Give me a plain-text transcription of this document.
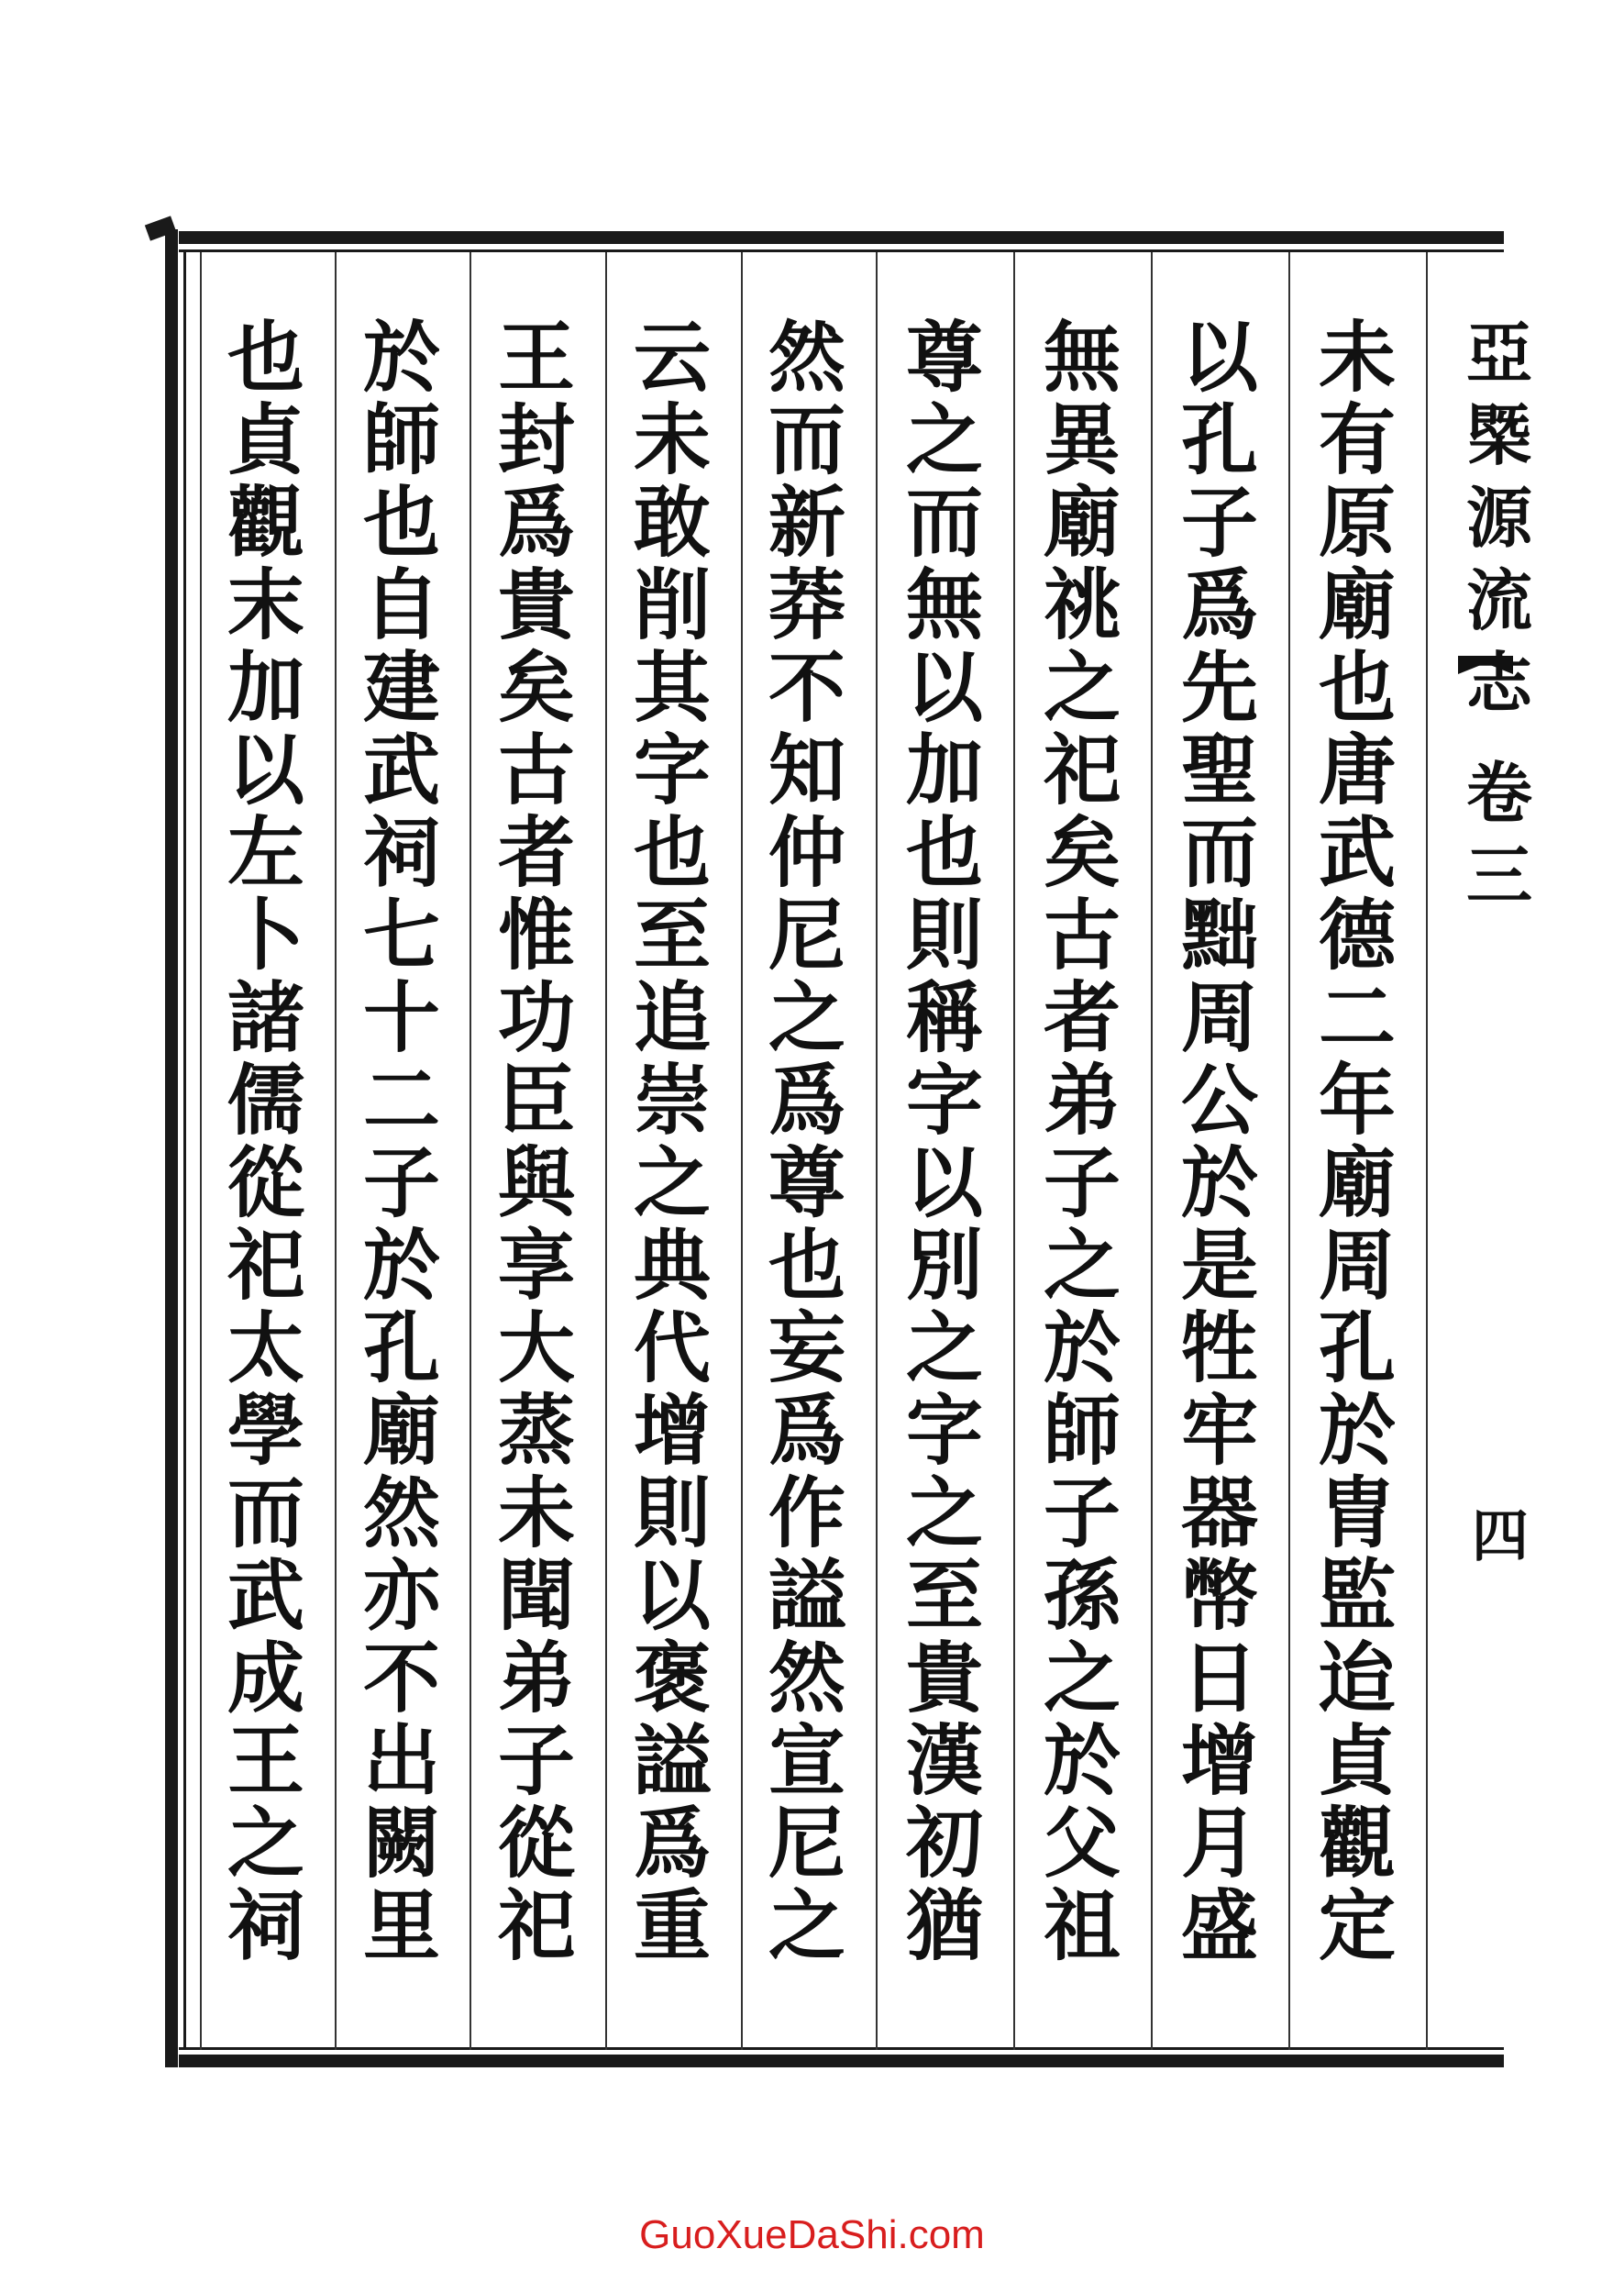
亞
㮣
源
流
志
卷
三
四
未
有
原
廟
也
唐
武
德
二
年
廟
周
孔
於
胄
監
迨
貞
觀
定
以
孔
子
爲
先
聖
而
黜
周
公
於
是
牲
牢
器
幣
日
增
月
盛
無
異
廟
祧
之
祀
矣
古
者
弟
子
之
於
師
子
孫
之
於
父
祖
尊
之
而
無
以
加
也
則
稱
字
以
別
之
字
之
至
貴
漢
初
猶
然
而
新
莽
不
知
仲
尼
之
爲
尊
也
妄
爲
作
謚
然
宣
尼
之
云
未
敢
削
其
字
也
至
追
崇
之
典
代
增
則
以
褒
謚
爲
重
王
封
爲
貴
矣
古
者
惟
功
臣
與
享
大
蒸
未
聞
弟
子
從
祀
於
師
也
自
建
武
祠
七
十
二
子
於
孔
廟
然
亦
不
出
闕
里
也
貞
觀
末
加
以
左
卜
諸
儒
從
祀
太
學
而
武
成
王
之
祠
GuoXueDaShi.com
